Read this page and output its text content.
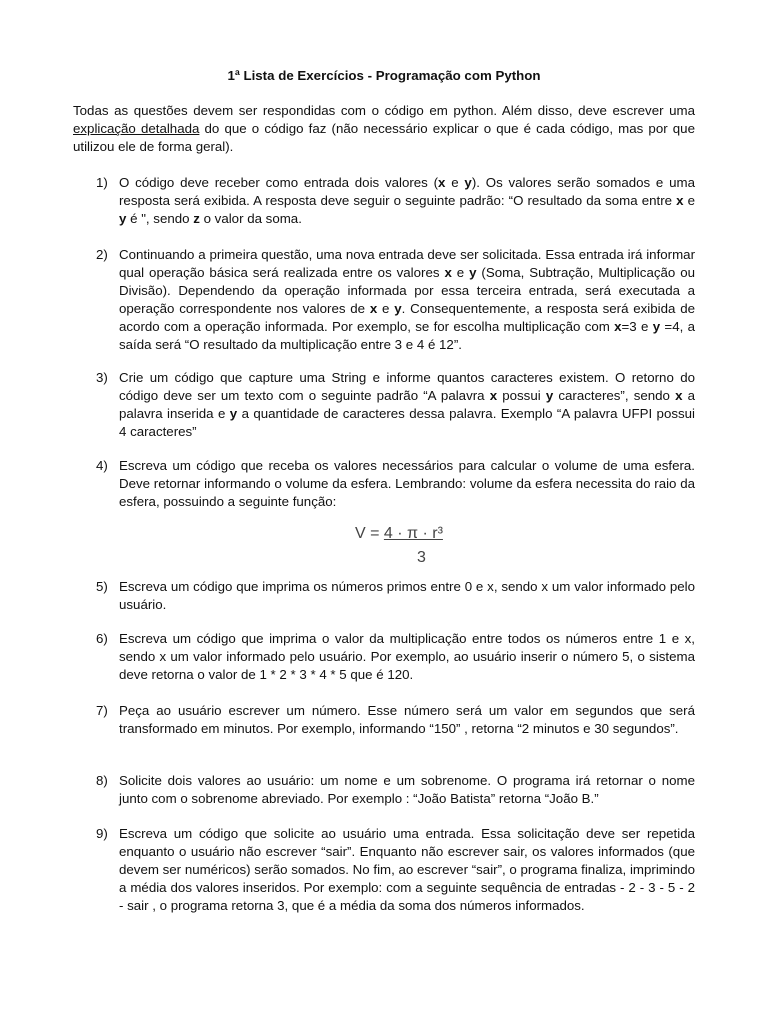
1ª Lista de Exercícios - Programação com Python

Todas as questões devem ser respondidas com o código em python. Além disso, deve escrever uma explicação detalhada do que o código faz (não necessário explicar o que é cada código, mas por que utilizou ele de forma geral).

1) O código deve receber como entrada dois valores (x e y). Os valores serão somados e uma resposta será exibida. A resposta deve seguir o seguinte padrão: “O resultado da soma entre x e y é ", sendo z o valor da soma.
2) Continuando a primeira questão, uma nova entrada deve ser solicitada. Essa entrada irá informar qual operação básica será realizada entre os valores x e y (Soma, Subtração, Multiplicação ou Divisão). Dependendo da operação informada por essa terceira entrada, será executada a operação correspondente nos valores de x e y. Consequentemente, a resposta será exibida de acordo com a operação informada. Por exemplo, se for escolha multiplicação com x=3 e y =4, a saída será “O resultado da multiplicação entre 3 e 4 é 12”.
3) Crie um código que capture uma String e informe quantos caracteres existem. O retorno do código deve ser um texto com o seguinte padrão “A palavra x possui y caracteres”, sendo x a palavra inserida e y a quantidade de caracteres dessa palavra. Exemplo “A palavra UFPI possui 4 caracteres”
4) Escreva um código que receba os valores necessários para calcular o volume de uma esfera. Deve retornar informando o volume da esfera. Lembrando: volume da esfera necessita do raio da esfera, possuindo a seguinte função:
V = 4 · π · r³
3
5) Escreva um código que imprima os números primos entre 0 e x, sendo x um valor informado pelo usuário.
6) Escreva um código que imprima o valor da multiplicação entre todos os números entre 1 e x, sendo x um valor informado pelo usuário. Por exemplo, ao usuário inserir o número 5, o sistema deve retorna o valor de 1 * 2 * 3 * 4 * 5 que é 120.
7) Peça ao usuário escrever um número. Esse número será um valor em segundos que será transformado em minutos. Por exemplo, informando “150” , retorna “2 minutos e 30 segundos”.
8) Solicite dois valores ao usuário: um nome e um sobrenome. O programa irá retornar o nome junto com o sobrenome abreviado. Por exemplo : “João Batista” retorna “João B.”
9) Escreva um código que solicite ao usuário uma entrada. Essa solicitação deve ser repetida enquanto o usuário não escrever “sair”. Enquanto não escrever sair, os valores informados (que devem ser numéricos) serão somados. No fim, ao escrever “sair”, o programa finaliza, imprimindo a média dos valores inseridos. Por exemplo: com a seguinte sequência de entradas - 2 - 3 - 5 - 2 - sair , o programa retorna 3, que é a média da soma dos números informados.
